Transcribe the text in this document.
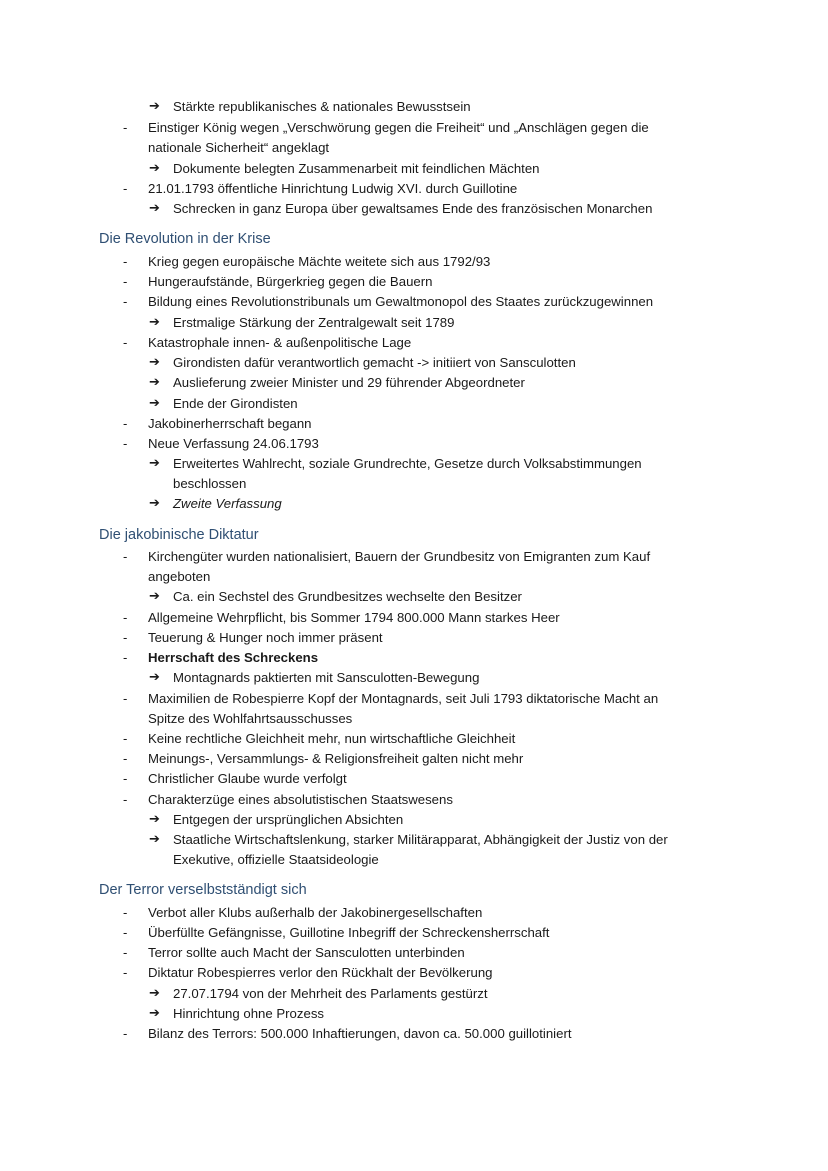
➔ Stärkte republikanisches & nationales Bewusstsein
- Einstiger König wegen „Verschwörung gegen die Freiheit“ und „Anschlägen gegen die
nationale Sicherheit“ angeklagt
➔ Dokumente belegten Zusammenarbeit mit feindlichen Mächten
- 21.01.1793 öffentliche Hinrichtung Ludwig XVI. durch Guillotine
➔ Schrecken in ganz Europa über gewaltsames Ende des französischen Monarchen
Die Revolution in der Krise
- Krieg gegen europäische Mächte weitete sich aus 1792/93
- Hungeraufstände, Bürgerkrieg gegen die Bauern
- Bildung eines Revolutionstribunals um Gewaltmonopol des Staates zurückzugewinnen
➔ Erstmalige Stärkung der Zentralgewalt seit 1789
- Katastrophale innen- & außenpolitische Lage
➔ Girondisten dafür verantwortlich gemacht -> initiiert von Sansculotten
➔ Auslieferung zweier Minister und 29 führender Abgeordneter
➔ Ende der Girondisten
- Jakobinerherrschaft begann
- Neue Verfassung 24.06.1793
➔ Erweitertes Wahlrecht, soziale Grundrechte, Gesetze durch Volksabstimmungen
beschlossen
➔ Zweite Verfassung
Die jakobinische Diktatur
- Kirchengüter wurden nationalisiert, Bauern der Grundbesitz von Emigranten zum Kauf
angeboten
➔ Ca. ein Sechstel des Grundbesitzes wechselte den Besitzer
- Allgemeine Wehrpflicht, bis Sommer 1794 800.000 Mann starkes Heer
- Teuerung & Hunger noch immer präsent
- Herrschaft des Schreckens
➔ Montagnards paktierten mit Sansculotten-Bewegung
- Maximilien de Robespierre Kopf der Montagnards, seit Juli 1793 diktatorische Macht an
Spitze des Wohlfahrtsausschusses
- Keine rechtliche Gleichheit mehr, nun wirtschaftliche Gleichheit
- Meinungs-, Versammlungs- & Religionsfreiheit galten nicht mehr
- Christlicher Glaube wurde verfolgt
- Charakterzüge eines absolutistischen Staatswesens
➔ Entgegen der ursprünglichen Absichten
➔ Staatliche Wirtschaftslenkung, starker Militärapparat, Abhängigkeit der Justiz von der
Exekutive, offizielle Staatsideologie
Der Terror verselbstständigt sich
- Verbot aller Klubs außerhalb der Jakobinergesellschaften
- Überfüllte Gefängnisse, Guillotine Inbegriff der Schreckensherrschaft
- Terror sollte auch Macht der Sansculotten unterbinden
- Diktatur Robespierres verlor den Rückhalt der Bevölkerung
➔ 27.07.1794 von der Mehrheit des Parlaments gestürzt
➔ Hinrichtung ohne Prozess
- Bilanz des Terrors: 500.000 Inhaftierungen, davon ca. 50.000 guillotiniert
